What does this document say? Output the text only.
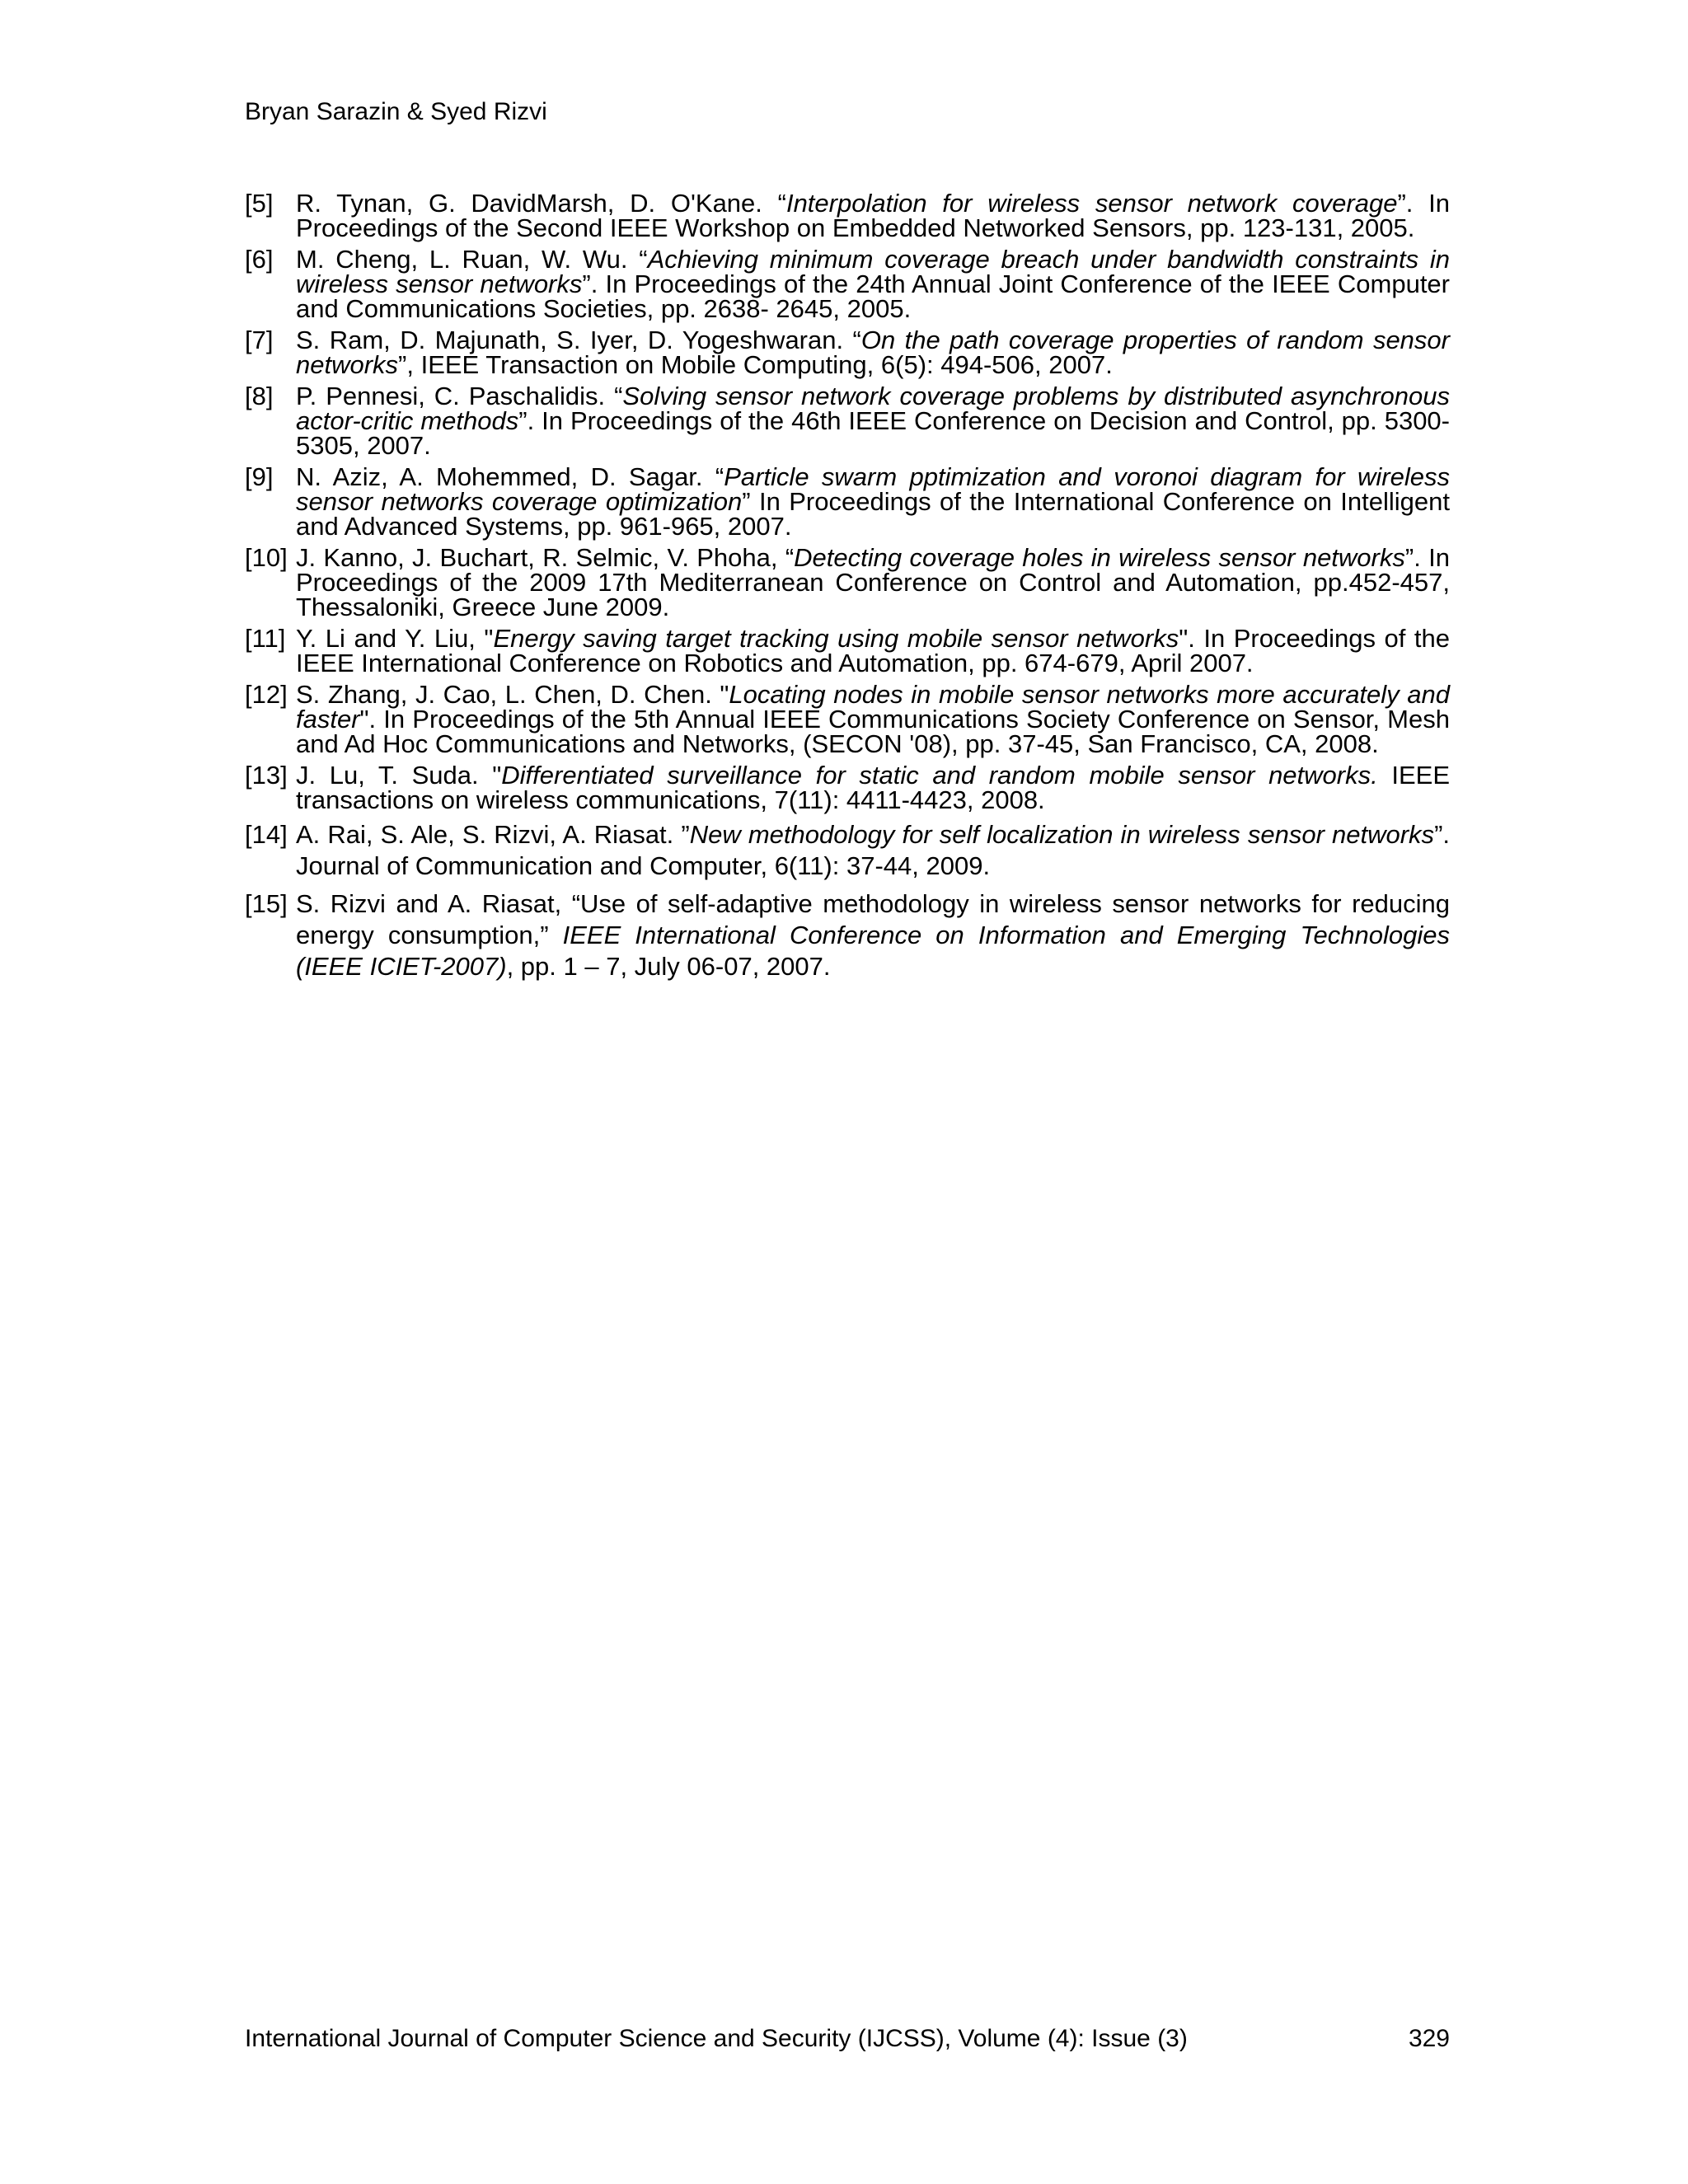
Bryan Sarazin & Syed Rizvi
[5] R. Tynan, G. DavidMarsh, D. O'Kane. “Interpolation for wireless sensor network coverage”. In Proceedings of the Second IEEE Workshop on Embedded Networked Sensors, pp. 123-131, 2005.
[6] M. Cheng, L. Ruan, W. Wu. “Achieving minimum coverage breach under bandwidth constraints in wireless sensor networks”. In Proceedings of the 24th Annual Joint Conference of the IEEE Computer and Communications Societies, pp. 2638- 2645, 2005.
[7] S. Ram, D. Majunath, S. Iyer, D. Yogeshwaran. “On the path coverage properties of random sensor networks”, IEEE Transaction on Mobile Computing, 6(5): 494-506, 2007.
[8] P. Pennesi, C. Paschalidis. “Solving sensor network coverage problems by distributed asynchronous actor-critic methods”. In Proceedings of the 46th IEEE Conference on Decision and Control, pp. 5300-5305, 2007.
[9] N. Aziz, A. Mohemmed, D. Sagar. “Particle swarm pptimization and voronoi diagram for wireless sensor networks coverage optimization” In Proceedings of the International Conference on Intelligent and Advanced Systems, pp. 961-965, 2007.
[10] J. Kanno, J. Buchart, R. Selmic, V. Phoha, “Detecting coverage holes in wireless sensor networks”. In Proceedings of the 2009 17th Mediterranean Conference on Control and Automation, pp.452-457, Thessaloniki, Greece June 2009.
[11] Y. Li and Y. Liu, "Energy saving target tracking using mobile sensor networks". In Proceedings of the IEEE International Conference on Robotics and Automation, pp. 674-679, April 2007.
[12] S. Zhang, J. Cao, L. Chen, D. Chen. "Locating nodes in mobile sensor networks more accurately and faster". In Proceedings of the 5th Annual IEEE Communications Society Conference on Sensor, Mesh and Ad Hoc Communications and Networks, (SECON '08), pp. 37-45, San Francisco, CA, 2008.
[13] J. Lu, T. Suda. "Differentiated surveillance for static and random mobile sensor networks. IEEE transactions on wireless communications, 7(11): 4411-4423, 2008.
[14] A. Rai, S. Ale, S. Rizvi, A. Riasat. ”New methodology for self localization in wireless sensor networks”. Journal of Communication and Computer, 6(11): 37-44, 2009.
[15] S. Rizvi and A. Riasat, “Use of self-adaptive methodology in wireless sensor networks for reducing energy consumption,” IEEE International Conference on Information and Emerging Technologies (IEEE ICIET-2007), pp. 1 – 7, July 06-07, 2007.
International Journal of Computer Science and Security (IJCSS), Volume (4): Issue (3)	329
